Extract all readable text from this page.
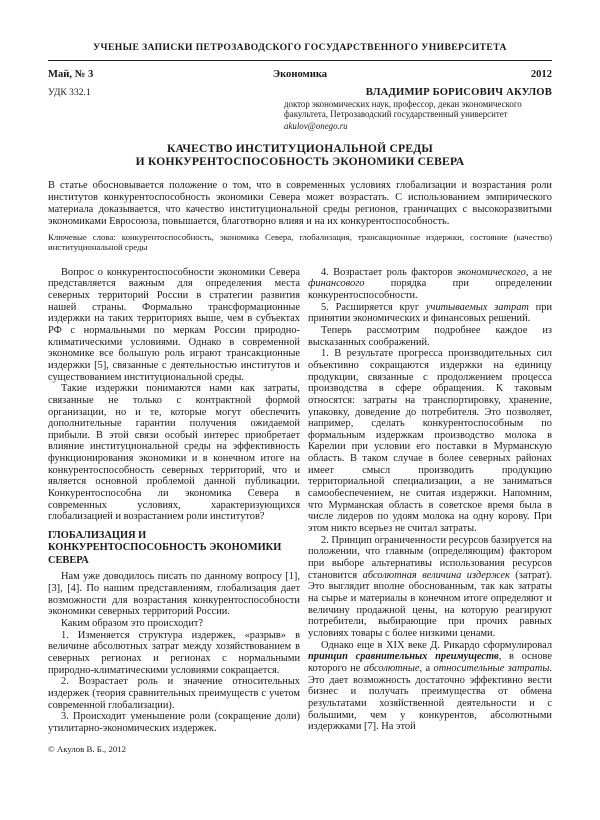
УЧЕНЫЕ ЗАПИСКИ ПЕТРОЗАВОДСКОГО ГОСУДАРСТВЕННОГО УНИВЕРСИТЕТА
Май, № 3	Экономика	2012
УДК 332.1	ВЛАДИМИР БОРИСОВИЧ АКУЛОВ
доктор экономических наук, профессор, декан экономического
факультета, Петрозаводский государственный университет
akulov@onego.ru
КАЧЕСТВО ИНСТИТУЦИОНАЛЬНОЙ СРЕДЫ
И КОНКУРЕНТОСПОСОБНОСТЬ ЭКОНОМИКИ СЕВЕРА
В статье обосновывается положение о том, что в современных условиях глобализации и возрастания роли институтов конкурентоспособность экономики Севера может возрастать. С использованием эмпирического материала доказывается, что качество институциональной среды регионов, граничащих с высокоразвитыми экономиками Евросоюза, повышается, благотворно влияя и на их конкурентоспособность.
Ключевые слова: конкурентоспособность, экономика Севера, глобализация, трансакционные издержки, состояние (качество) институциональной среды

Вопрос о конкурентоспособности экономики Севера представляется важным для определения места северных территорий России в стратегии развития нашей страны. Формально трансформационные издержки на таких территориях выше, чем в субъектах РФ с нормальными по меркам России природно-климатическими условиями. Однако в современной экономике все большую роль играют трансакционные издержки [5], связанные с деятельностью институтов и существованием институциональной среды.

Такие издержки понимаются нами как затраты, связанные не только с контрактной формой организации, но и те, которые могут обеспечить дополнительные гарантии получения ожидаемой прибыли. В этой связи особый интерес приобретает влияние институциональной среды на эффективность функционирования экономики и в конечном итоге на конкурентоспособность северных территорий, что и является основной проблемой данной публикации. Конкурентоспособна ли экономика Севера в современных условиях, характеризующихся глобализацией и возрастанием роли институтов?

ГЛОБАЛИЗАЦИЯ И КОНКУРЕНТОСПОСОБНОСТЬ ЭКОНОМИКИ СЕВЕРА

Нам уже доводилось писать по данному вопросу [1], [3], [4]. По нашим представлениям, глобализация дает возможности для возрастания конкурентоспособности экономики северных территорий России.

Каким образом это происходит?

1. Изменяется структура издержек, «разрыв» в величине абсолютных затрат между хозяйствованием в северных регионах и регионах с нормальными природно-климатическими условиями сокращается.

2. Возрастает роль и значение относительных издержек (теория сравнительных преимуществ с учетом современной глобализации).

3. Происходит уменьшение роли (сокращение доли) утилитарно-экономических издержек.

© Акулов В. Б., 2012

4. Возрастает роль факторов экономического, а не финансового порядка при определении конкурентоспособности.

5. Расширяется круг учитываемых затрат при принятии экономических и финансовых решений.

Теперь рассмотрим подробнее каждое из высказанных соображений.

1. В результате прогресса производительных сил объективно сокращаются издержки на единицу продукции, связанные с продолжением процесса производства в сфере обращения. К таковым относятся: затраты на транспортировку, хранение, упаковку, доведение до потребителя. Это позволяет, например, сделать конкурентоспособным по формальным издержкам производство молока в Карелии при условии его поставки в Мурманскую область. В таком случае в более северных районах имеет смысл производить продукцию территориальной специализации, а не заниматься самообеспечением, не считая издержки. Напомним, что Мурманская область в советское время была в числе лидеров по удоям молока на одну корову. При этом никто всерьез не считал затраты.

2. Принцип ограниченности ресурсов базируется на положении, что главным (определяющим) фактором при выборе альтернативы использования ресурсов становится абсолютная величина издержек (затрат). Это выглядит вполне обоснованным, так как затраты на сырье и материалы в конечном итоге определяют и величину продажной цены, на которую реагируют потребители, выбирающие при прочих равных условиях товары с более низкими ценами.

Однако еще в XIX веке Д. Рикардо сформулировал принцип сравнительных преимуществ, в основе которого не абсолютные, а относительные затраты. Это дает возможность достаточно эффективно вести бизнес и получать преимущества от обмена результатами хозяйственной деятельности и с большими, чем у конкурентов, абсолютными издержками [7]. На этой
